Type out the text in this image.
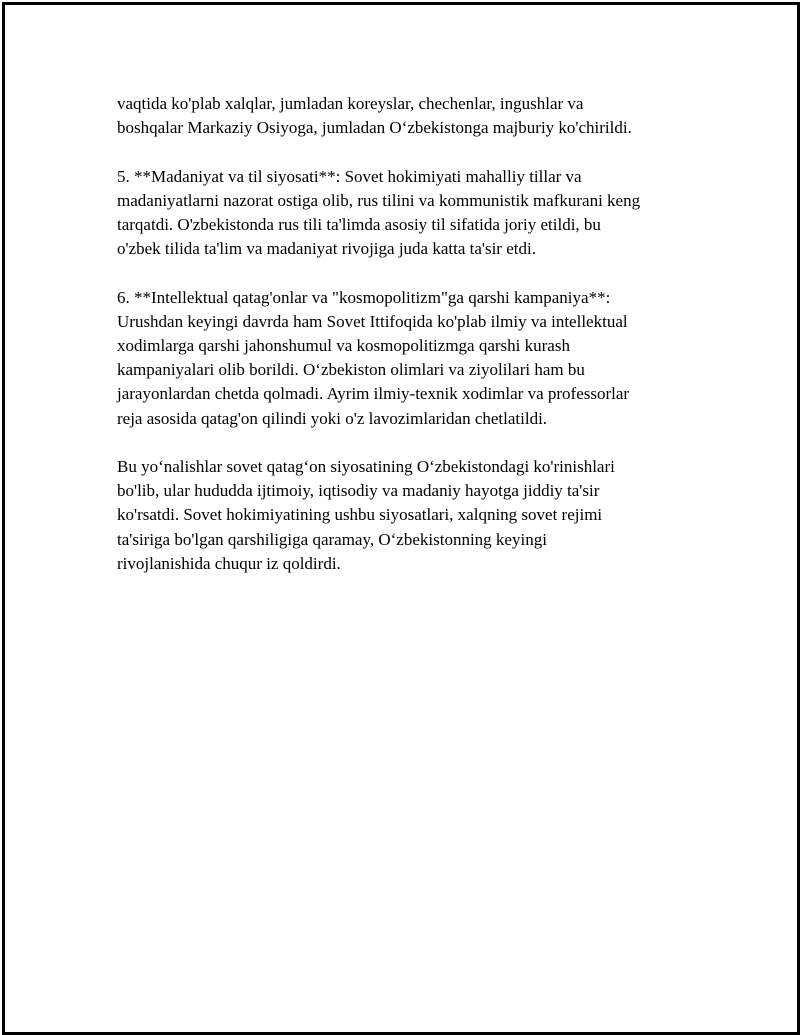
vaqtida ko'plab xalqlar, jumladan koreyslar, chechenlar, ingushlar va
boshqalar Markaziy Osiyoga, jumladan O‘zbekistonga majburiy ko'chirildi.

5. **Madaniyat va til siyosati**: Sovet hokimiyati mahalliy tillar va
madaniyatlarni nazorat ostiga olib, rus tilini va kommunistik mafkurani keng
tarqatdi. O'zbekistonda rus tili ta'limda asosiy til sifatida joriy etildi, bu
o'zbek tilida ta'lim va madaniyat rivojiga juda katta ta'sir etdi.

6. **Intellektual qatag'onlar va "kosmopolitizm"ga qarshi kampaniya**:
Urushdan keyingi davrda ham Sovet Ittifoqida ko'plab ilmiy va intellektual
xodimlarga qarshi jahonshumul va kosmopolitizmga qarshi kurash
kampaniyalari olib borildi. O‘zbekiston olimlari va ziyolilari ham bu
jarayonlardan chetda qolmadi. Ayrim ilmiy-texnik xodimlar va professorlar
reja asosida qatag'on qilindi yoki o'z lavozimlaridan chetlatildi.

Bu yo‘nalishlar sovet qatag‘on siyosatining O‘zbekistondagi ko'rinishlari
bo'lib, ular hududda ijtimoiy, iqtisodiy va madaniy hayotga jiddiy ta'sir
ko'rsatdi. Sovet hokimiyatining ushbu siyosatlari, xalqning sovet rejimi
ta'siriga bo'lgan qarshiligiga qaramay, O‘zbekistonning keyingi
rivojlanishida chuqur iz qoldirdi.
